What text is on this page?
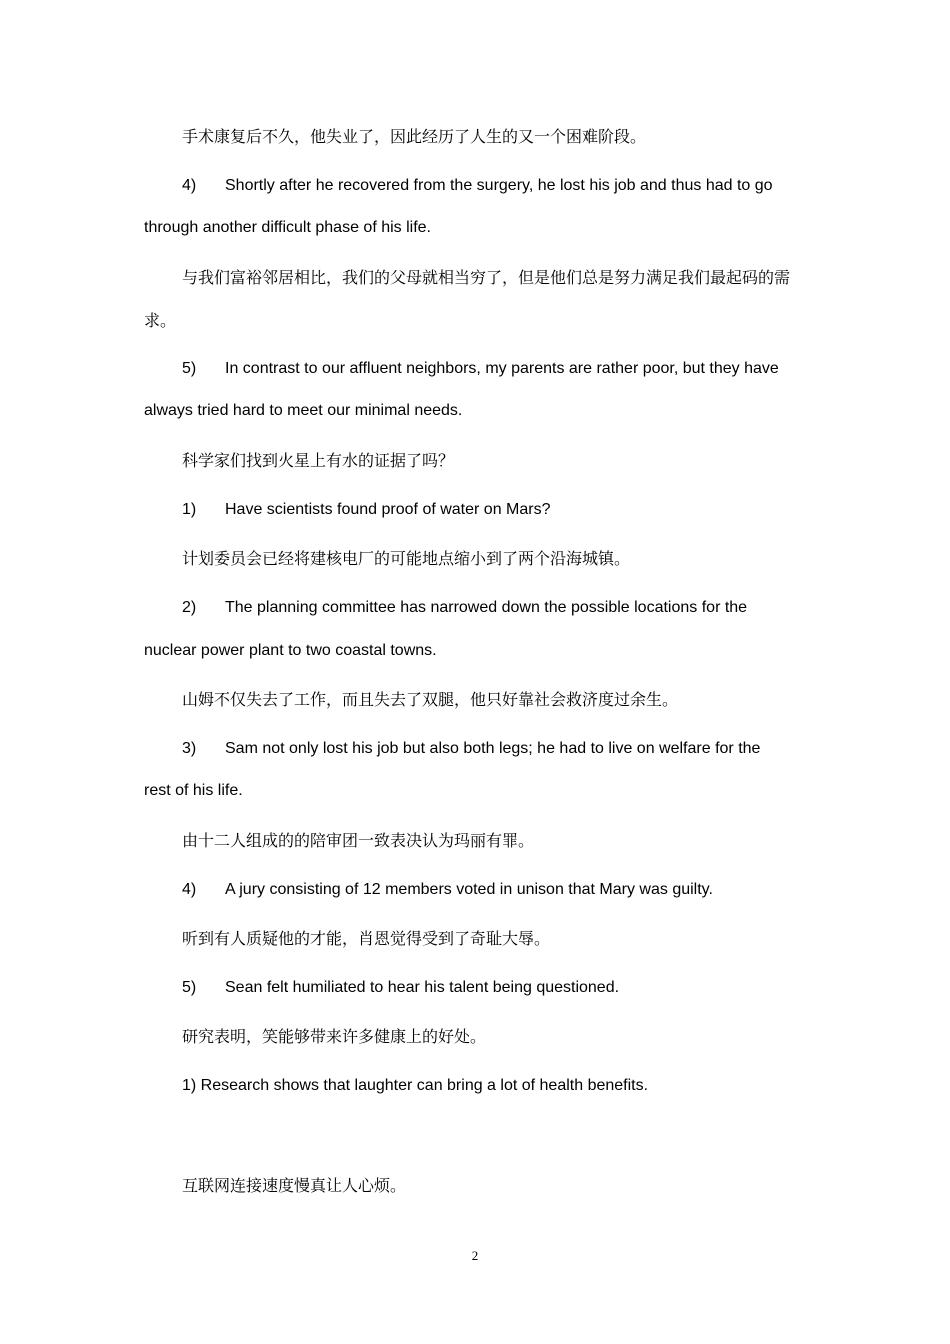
手术康复后不久，他失业了，因此经历了人生的又一个困难阶段。
4) Shortly after he recovered from the surgery, he lost his job and thus had to go
through another difficult phase of his life.
与我们富裕邻居相比，我们的父母就相当穷了，但是他们总是努力满足我们最起码的需
求。
5) In contrast to our affluent neighbors, my parents are rather poor, but they have
always tried hard to meet our minimal needs.
科学家们找到火星上有水的证据了吗？
1) Have scientists found proof of water on Mars?
计划委员会已经将建核电厂的可能地点缩小到了两个沿海城镇。
2) The planning committee has narrowed down the possible locations for the
nuclear power plant to two coastal towns.
山姆不仅失去了工作，而且失去了双腿，他只好靠社会救济度过余生。
3) Sam not only lost his job but also both legs; he had to live on welfare for the
rest of his life.
由十二人组成的的陪审团一致表决认为玛丽有罪。
4) A jury consisting of 12 members voted in unison that Mary was guilty.
听到有人质疑他的才能，肖恩觉得受到了奇耻大辱。
5) Sean felt humiliated to hear his talent being questioned.
研究表明，笑能够带来许多健康上的好处。
1) Research shows that laughter can bring a lot of health benefits.
互联网连接速度慢真让人心烦。
2
